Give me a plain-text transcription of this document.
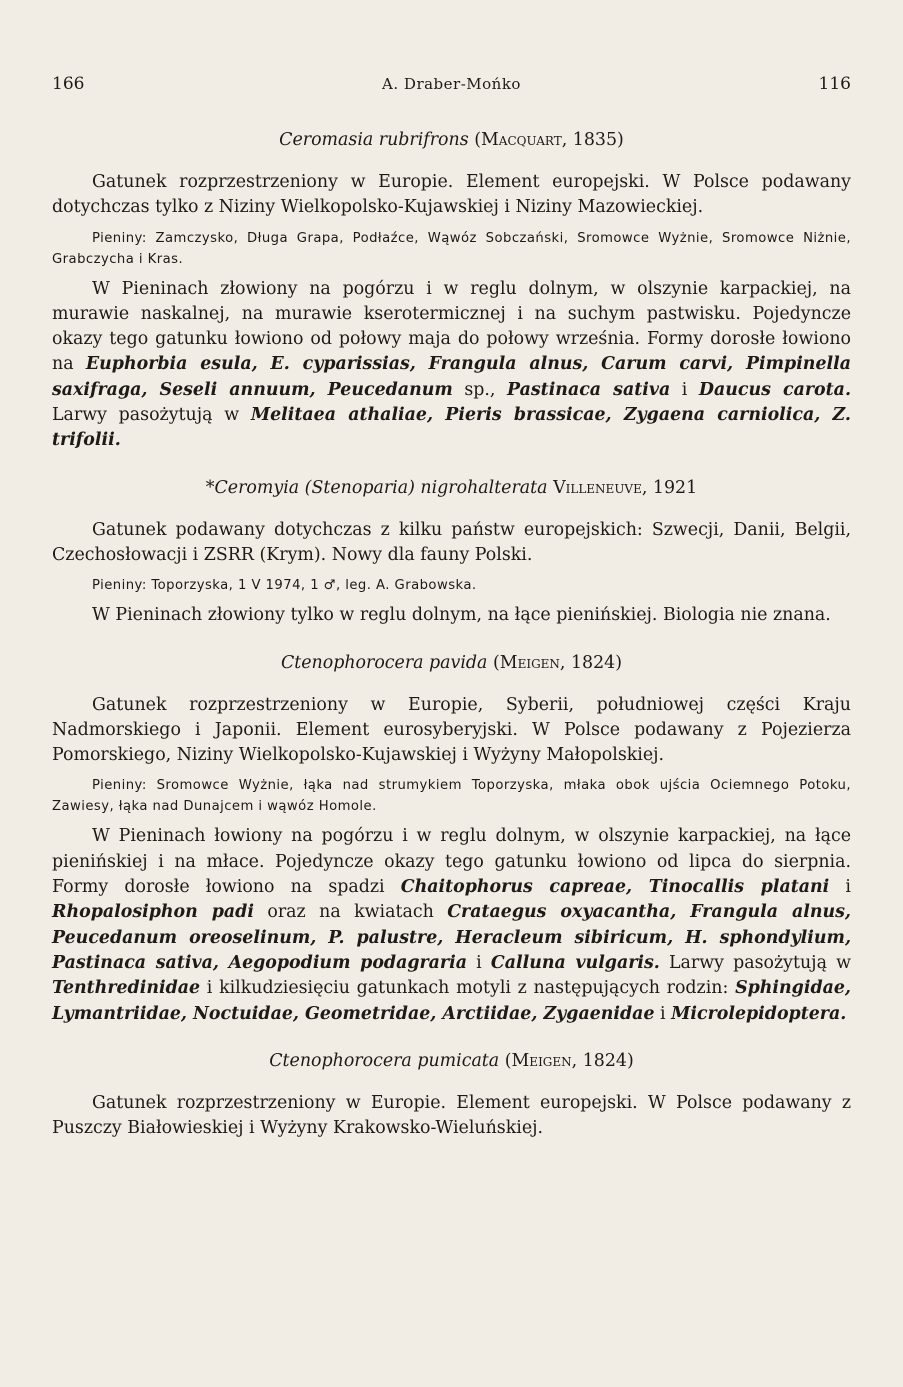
166	A. Draber-Mońko	116
Ceromasia rubrifrons (Macquart, 1835)

Gatunek rozprzestrzeniony w Europie. Element europejski. W Polsce podawany dotychczas tylko z Niziny Wielkopolsko-Kujawskiej i Niziny Mazowieckiej.

Pieniny: Zamczysko, Długa Grapa, Podłaźce, Wąwóz Sobczański, Sromowce Wyżnie, Sromowce Niżnie, Grabczycha i Kras.

W Pieninach złowiony na pogórzu i w reglu dolnym, w olszynie karpackiej, na murawie naskalnej, na murawie kserotermicznej i na suchym pastwisku. Pojedyncze okazy tego gatunku łowiono od połowy maja do połowy września. Formy dorosłe łowiono na Euphorbia esula, E. cyparissias, Frangula alnus, Carum carvi, Pimpinella saxifraga, Seseli annuum, Peucedanum sp., Pastinaca sativa i Daucus carota. Larwy pasożytują w Melitaea athaliae, Pieris brassicae, Zygaena carniolica, Z. trifolii.

*Ceromyia (Stenoparia) nigrohalterata Villeneuve, 1921

Gatunek podawany dotychczas z kilku państw europejskich: Szwecji, Danii, Belgii, Czechosłowacji i ZSRR (Krym). Nowy dla fauny Polski.

Pieniny: Toporzyska, 1 V 1974, 1 ♂, leg. A. Grabowska.

W Pieninach złowiony tylko w reglu dolnym, na łące pienińskiej. Biologia nie znana.

Ctenophorocera pavida (Meigen, 1824)

Gatunek rozprzestrzeniony w Europie, Syberii, południowej części Kraju Nadmorskiego i Japonii. Element eurosyberyjski. W Polsce podawany z Pojezierza Pomorskiego, Niziny Wielkopolsko-Kujawskiej i Wyżyny Małopolskiej.

Pieniny: Sromowce Wyżnie, łąka nad strumykiem Toporzyska, młaka obok ujścia Ociemnego Potoku, Zawiesy, łąka nad Dunajcem i wąwóz Homole.

W Pieninach łowiony na pogórzu i w reglu dolnym, w olszynie karpackiej, na łące pienińskiej i na młace. Pojedyncze okazy tego gatunku łowiono od lipca do sierpnia. Formy dorosłe łowiono na spadzi Chaitophorus capreae, Tinocallis platani i Rhopalosiphon padi oraz na kwiatach Crataegus oxyacantha, Frangula alnus, Peucedanum oreoselinum, P. palustre, Heracleum sibiricum, H. sphondylium, Pastinaca sativa, Aegopodium podagraria i Calluna vulgaris. Larwy pasożytują w Tenthredinidae i kilkudziesięciu gatunkach motyli z następujących rodzin: Sphingidae, Lymantriidae, Noctuidae, Geometridae, Arctiidae, Zygaenidae i Microlepidoptera.

Ctenophorocera pumicata (Meigen, 1824)

Gatunek rozprzestrzeniony w Europie. Element europejski. W Polsce podawany z Puszczy Białowieskiej i Wyżyny Krakowsko-Wieluńskiej.
